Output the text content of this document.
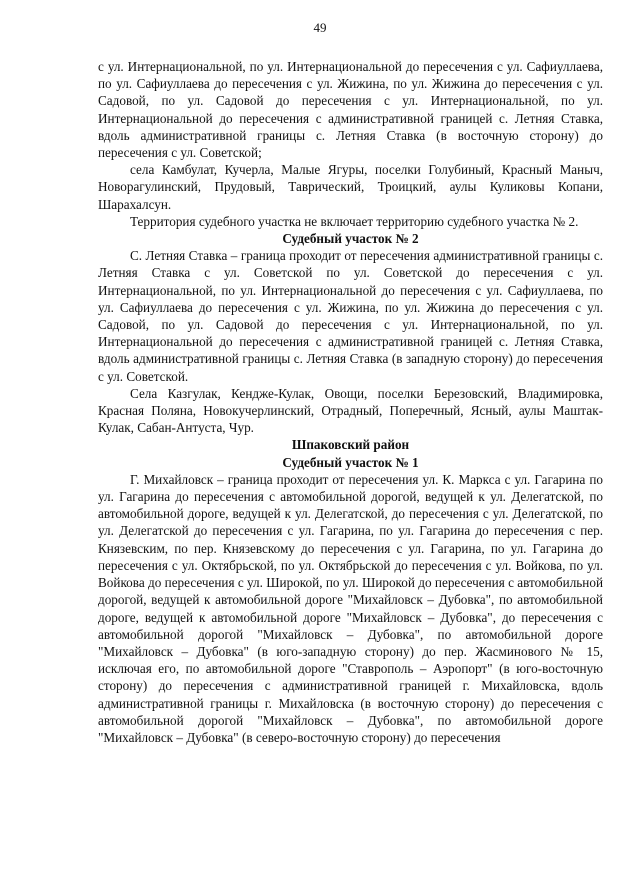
49

с ул. Интернациональной, по ул. Интернациональной до пересечения с ул. Сафиуллаева, по ул. Сафиуллаева до пересечения с ул. Жижина, по ул. Жижина до пересечения с ул. Садовой, по ул. Садовой до пересечения с ул. Интернациональной, по ул. Интернациональной до пересечения с административной границей с. Летняя Ставка, вдоль административной границы с. Летняя Ставка (в восточную сторону) до пересечения с ул. Советской;

села Камбулат, Кучерла, Малые Ягуры, поселки Голубиный, Красный Маныч, Новорагулинский, Прудовый, Таврический, Троицкий, аулы Куликовы Копани, Шарахалсун.

Территория судебного участка не включает территорию судебного участка № 2.

Судебный участок № 2

С. Летняя Ставка – граница проходит от пересечения административной границы с. Летняя Ставка с ул. Советской по ул. Советской до пересечения с ул. Интернациональной, по ул. Интернациональной до пересечения с ул. Сафиуллаева, по ул. Сафиуллаева до пересечения с ул. Жижина, по ул. Жижина до пересечения с ул. Садовой, по ул. Садовой до пересечения с ул. Интернациональной, по ул. Интернациональной до пересечения с административной границей с. Летняя Ставка, вдоль административной границы с. Летняя Ставка (в западную сторону) до пересечения с ул. Советской.

Села Казгулак, Кендже-Кулак, Овощи, поселки Березовский, Владимировка, Красная Поляна, Новокучерлинский, Отрадный, Поперечный, Ясный, аулы Маштак-Кулак, Сабан-Антуста, Чур.

Шпаковский район

Судебный участок № 1

Г. Михайловск – граница проходит от пересечения ул. К. Маркса с ул. Гагарина по ул. Гагарина до пересечения с автомобильной дорогой, ведущей к ул. Делегатской, по автомобильной дороге, ведущей к ул. Делегатской, до пересечения с ул. Делегатской, по ул. Делегатской до пересечения с ул. Гагарина, по ул. Гагарина до пересечения с пер. Князевским, по пер. Князевскому до пересечения с ул. Гагарина, по ул. Гагарина до пересечения с ул. Октябрьской, по ул. Октябрьской до пересечения с ул. Войкова, по ул. Войкова до пересечения с ул. Широкой, по ул. Широкой до пересечения с автомобильной дорогой, ведущей к автомобильной дороге "Михайловск – Дубовка", по автомобильной дороге, ведущей к автомобильной дороге "Михайловск – Дубовка", до пересечения с автомобильной дорогой "Михайловск – Дубовка", по автомобильной дороге "Михайловск – Дубовка" (в юго-западную сторону) до пер. Жасминового № 15, исключая его, по автомобильной дороге "Ставрополь – Аэропорт" (в юго-восточную сторону) до пересечения с административной границей г. Михайловска, вдоль административной границы г. Михайловска (в восточную сторону) до пересечения с автомобильной дорогой "Михайловск – Дубовка", по автомобильной дороге "Михайловск – Дубовка" (в северо-восточную сторону) до пересечения
